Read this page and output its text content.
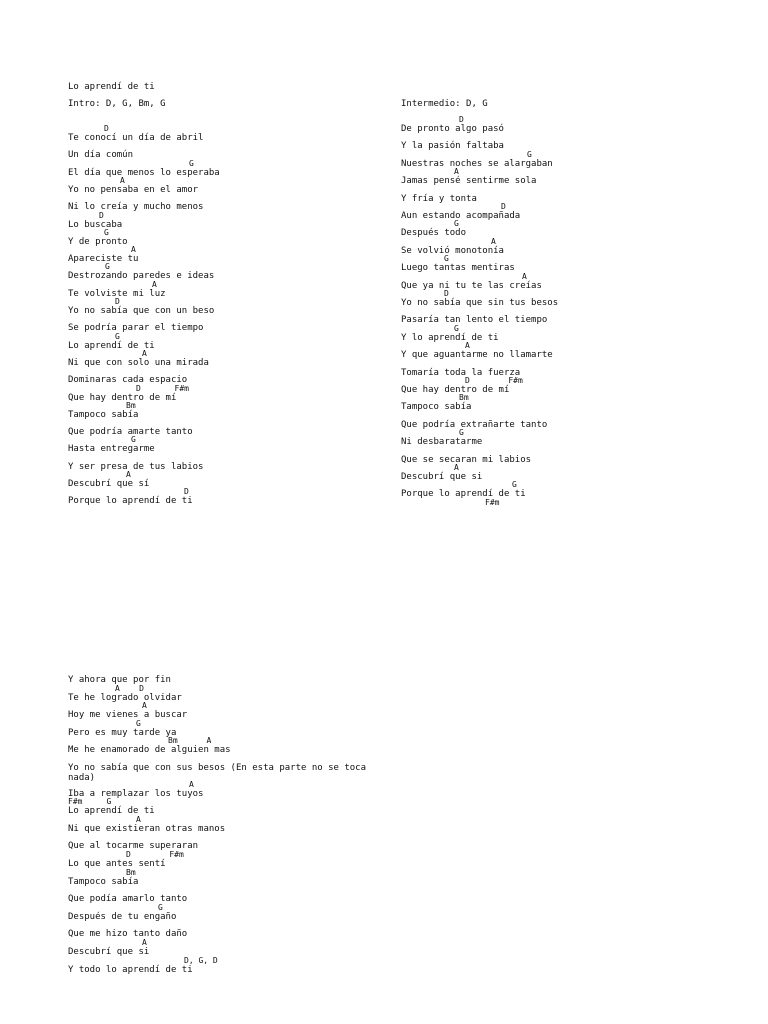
Lo aprendí de ti
Intro: D, G, Bm, G	Intermedio: D, G
D
Te conocí un día de abril
Un día común
G
El día que menos lo esperaba
A
Yo no pensaba en el amor
Ni lo creía y mucho menos
D
Lo buscaba
G
Y de pronto
A
Apareciste tu
G
Destrozando paredes e ideas
A
Te volviste mi luz
D
Yo no sabía que con un beso
Se podría parar el tiempo
G
Lo aprendí de ti
A
Ni que con solo una mirada
Dominaras cada espacio
D       F#m
Que hay dentro de mí
Bm
Tampoco sabía
Que podría amarte tanto
G
Hasta entregarme
Y ser presa de tus labios
A
Descubrí que sí
D
Porque lo aprendí de ti
D
De pronto algo pasó
Y la pasión faltaba
G
Nuestras noches se alargaban
A
Jamas pensé sentirme sola
Y fría y tonta
D
Aun estando acompañada
G
Después todo
A
Se volvió monotonía
G
Luego tantas mentiras
A
Que ya ni tu te las creías
D
Yo no sabía que sin tus besos
Pasaría tan lento el tiempo
G
Y lo aprendí de ti
A
Y que aguantarme no llamarte
Tomaría toda la fuerza
D        F#m
Que hay dentro de mí
Bm
Tampoco sabía
Que podría extrañarte tanto
G
Ni desbaratarme
Que se secaran mi labios
A
Descubrí que si
G
Porque lo aprendí de ti
F#m
Y ahora que por fin
A    D
Te he logrado olvidar
A
Hoy me vienes a buscar
G
Pero es muy tarde ya
Bm      A
Me he enamorado de alguien mas
Yo no sabía que con sus besos (En esta parte no se toca nada)
A
Iba a remplazar los tuyos
F#m     G
Lo aprendí de ti
A
Ni que existieran otras manos
Que al tocarme superaran
D        F#m
Lo que antes sentí
Bm
Tampoco sabía
Que podía amarlo tanto
G
Después de tu engaño
Que me hizo tanto daño
A
Descubrí que si
D, G, D
Y todo lo aprendí de ti
